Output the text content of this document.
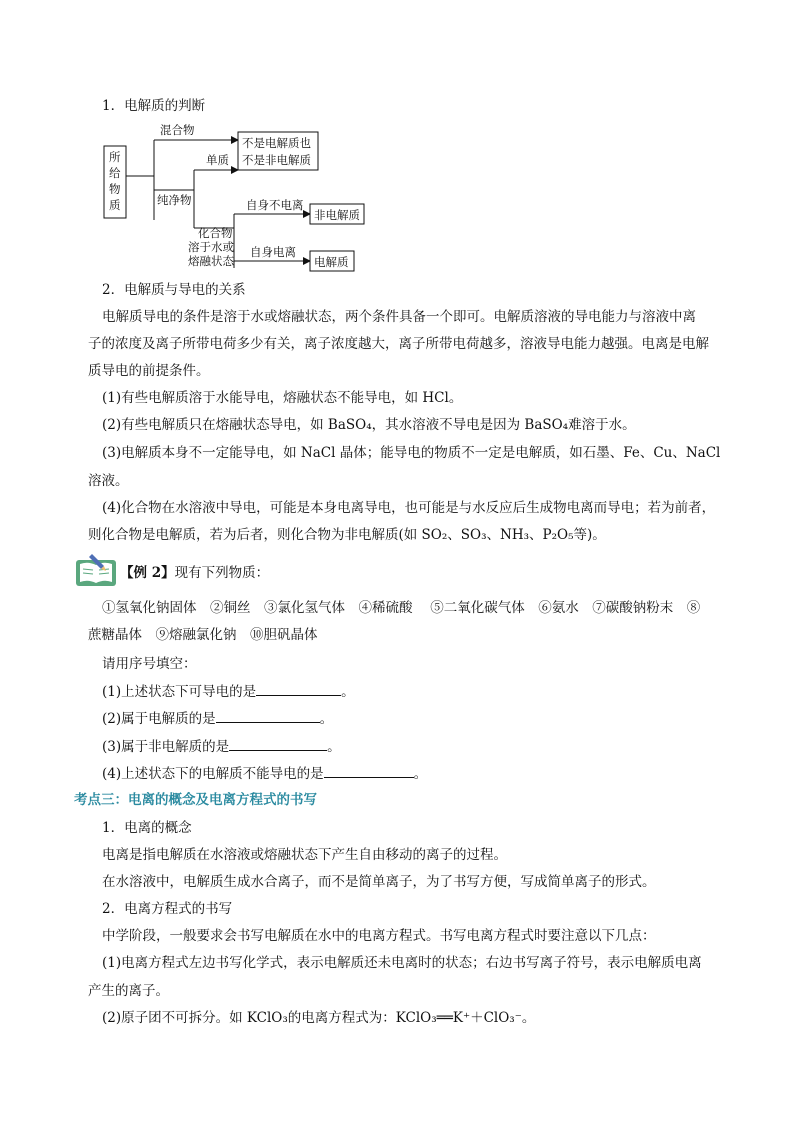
1．电解质的判断
所
给
物
质
混合物
纯净物
单质
不是电解质也
不是非电解质
化合物
溶于水或
熔融状态
自身不电离
非电解质
自身电离
电解质
2．电解质与导电的关系
电解质导电的条件是溶于水或熔融状态，两个条件具备一个即可。电解质溶液的导电能力与溶液中离
子的浓度及离子所带电荷多少有关，离子浓度越大，离子所带电荷越多，溶液导电能力越强。电离是电解
质导电的前提条件。
(1)有些电解质溶于水能导电，熔融状态不能导电，如 HCl。
(2)有些电解质只在熔融状态导电，如 BaSO₄，其水溶液不导电是因为 BaSO₄难溶于水。
(3)电解质本身不一定能导电，如 NaCl 晶体；能导电的物质不一定是电解质，如石墨、Fe、Cu、NaCl
溶液。
(4)化合物在水溶液中导电，可能是本身电离导电，也可能是与水反应后生成物电离而导电；若为前者，
则化合物是电解质，若为后者，则化合物为非电解质(如 SO₂、SO₃、NH₃、P₂O₅等)。
【例 2】现有下列物质：
①氢氧化钠固体　②铜丝　③氯化氢气体　④稀硫酸　 ⑤二氧化碳气体　⑥氨水　⑦碳酸钠粉末　⑧
蔗糖晶体　⑨熔融氯化钠　⑩胆矾晶体
请用序号填空：
(1)上述状态下可导电的是	。
(2)属于电解质的是	。
(3)属于非电解质的是	。
(4)上述状态下的电解质不能导电的是	。
考点三：电离的概念及电离方程式的书写
1．电离的概念
电离是指电解质在水溶液或熔融状态下产生自由移动的离子的过程。
在水溶液中，电解质生成水合离子，而不是简单离子，为了书写方便，写成简单离子的形式。
2．电离方程式的书写
中学阶段，一般要求会书写电解质在水中的电离方程式。书写电离方程式时要注意以下几点：
(1)电离方程式左边书写化学式，表示电解质还未电离时的状态；右边书写离子符号，表示电解质电离
产生的离子。
(2)原子团不可拆分。如 KClO₃的电离方程式为：KClO₃══K⁺＋ClO₃⁻。
